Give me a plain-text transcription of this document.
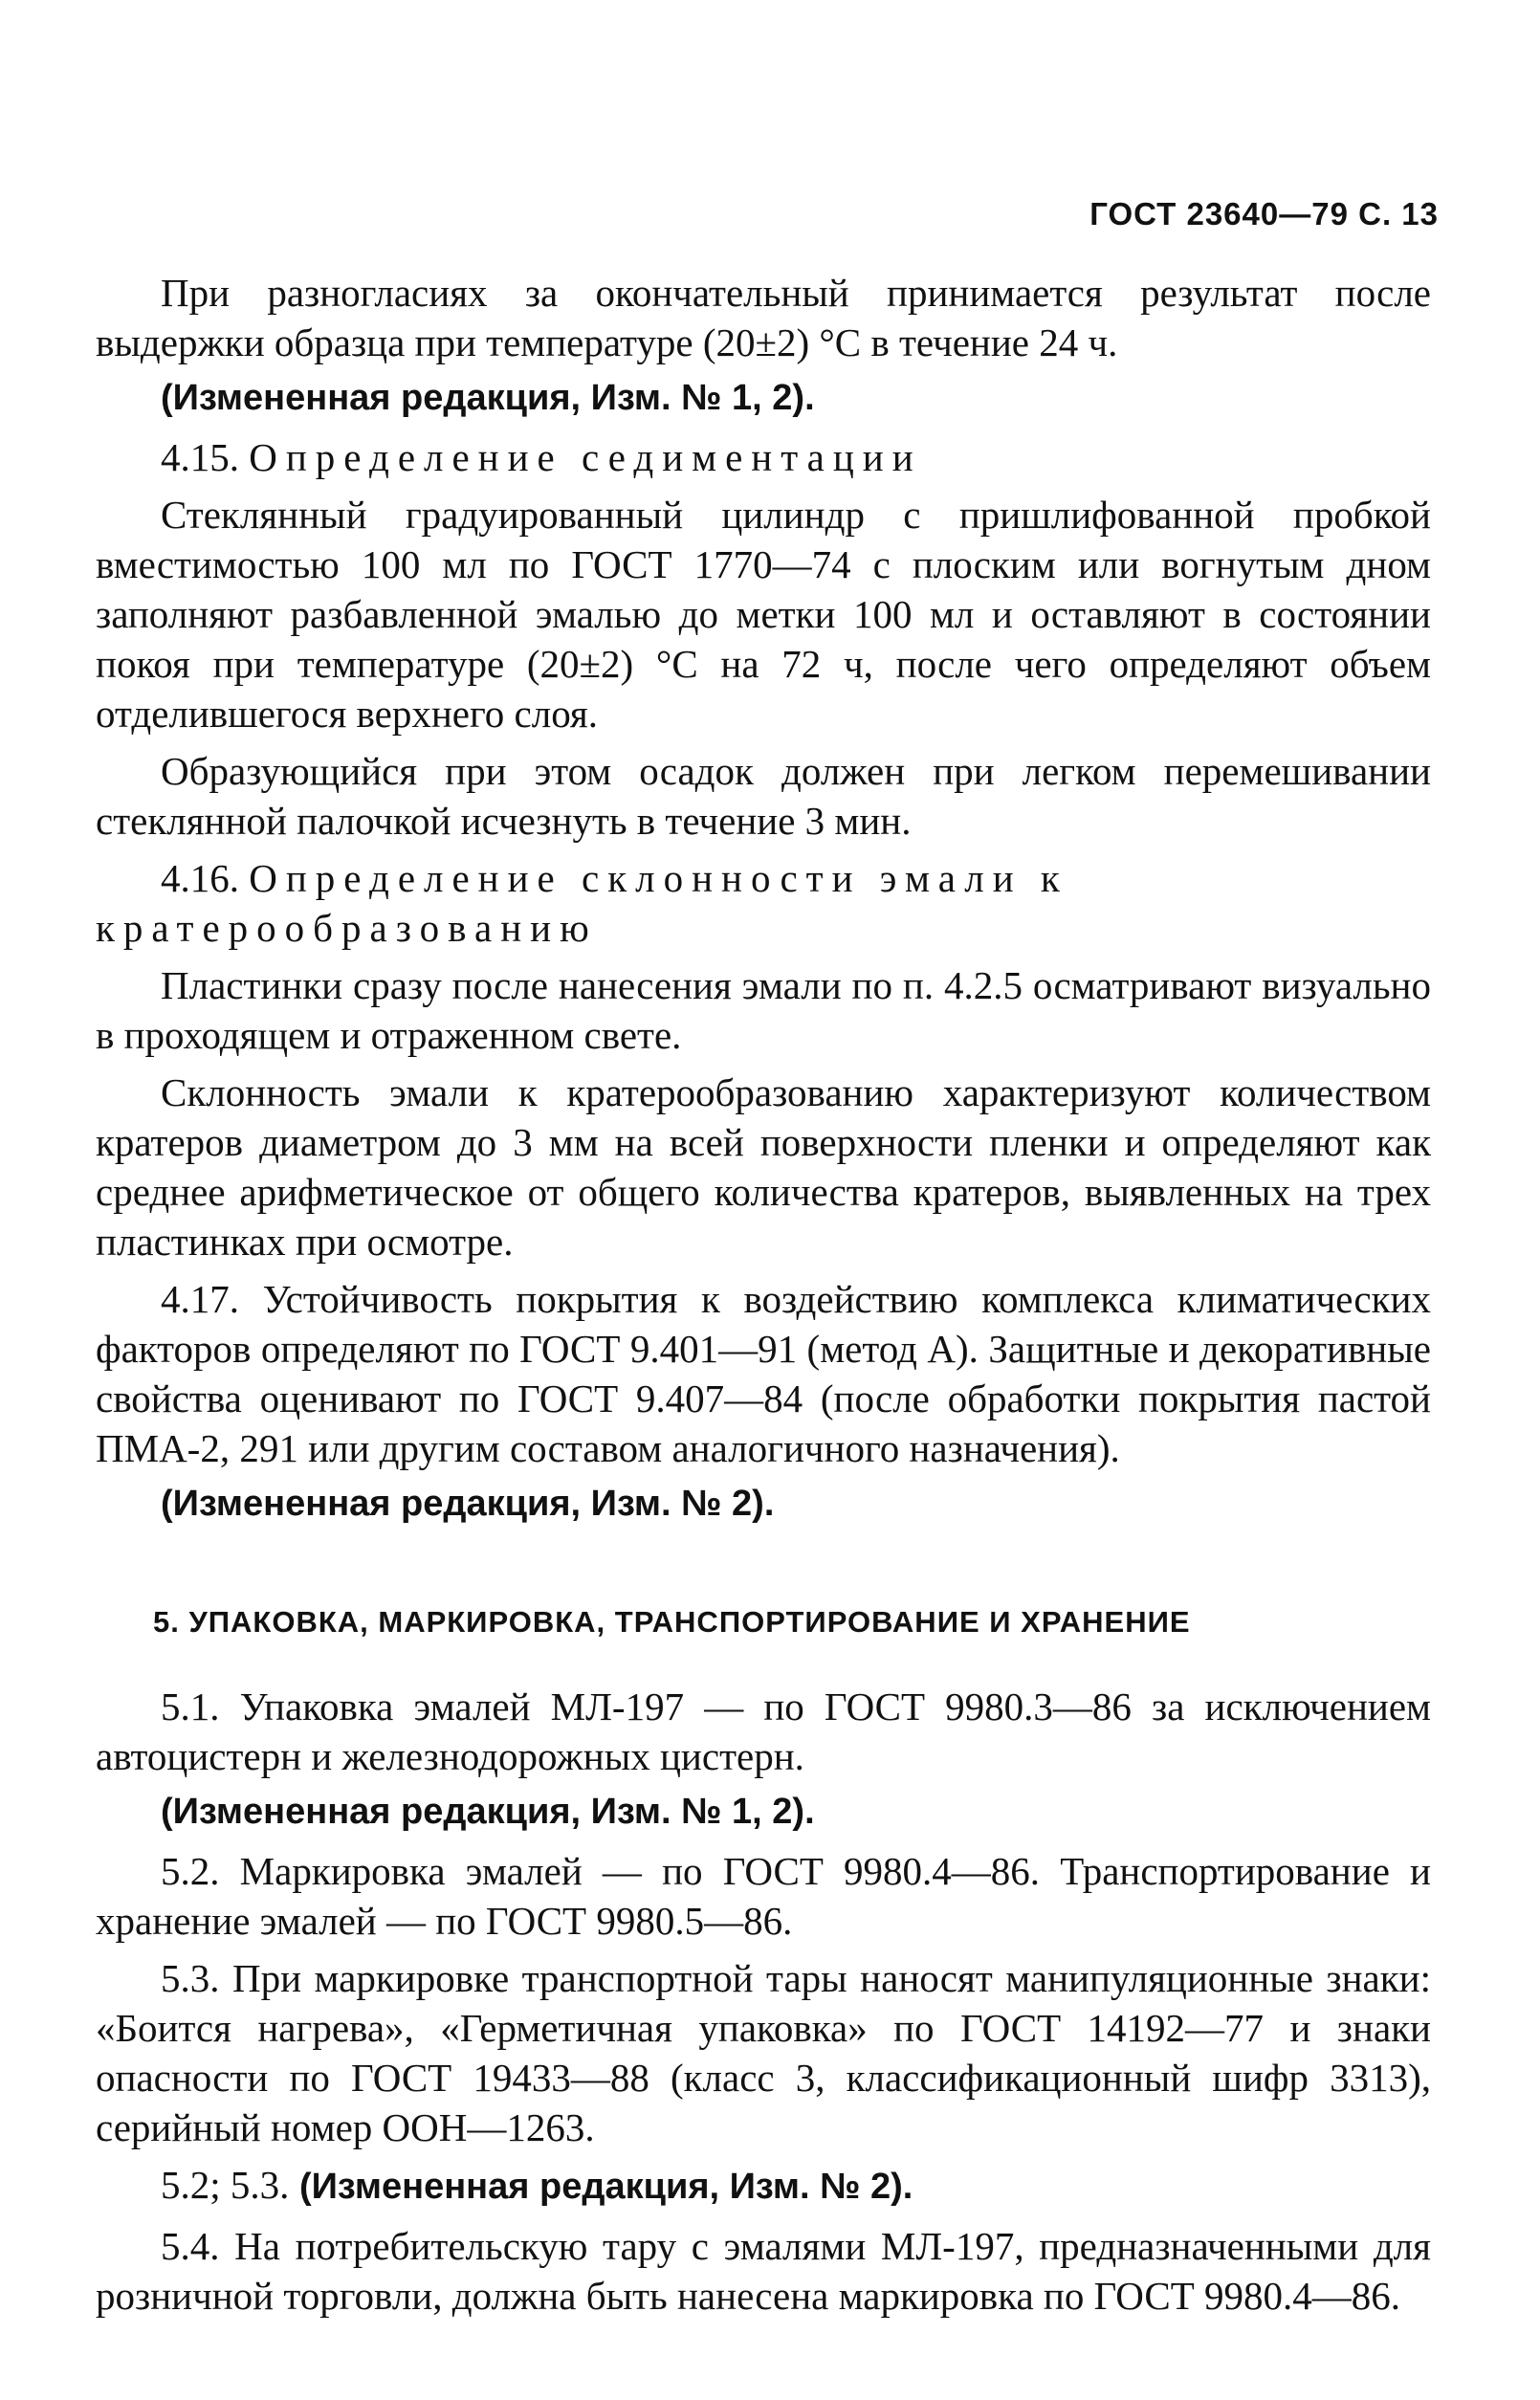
ГОСТ 23640—79 С. 13

При разногласиях за окончательный принимается результат после выдержки образца при температуре (20±2) °С в течение 24 ч.

(Измененная редакция, Изм. № 1, 2).

4.15. Определение седиментации

Стеклянный градуированный цилиндр с пришлифованной пробкой вместимостью 100 мл по ГОСТ 1770—74 с плоским или вогнутым дном заполняют разбавленной эмалью до метки 100 мл и оставляют в состоянии покоя при температуре (20±2) °С на 72 ч, после чего определяют объем отделившегося верхнего слоя.

Образующийся при этом осадок должен при легком перемешивании стеклянной палочкой исчезнуть в течение 3 мин.

4.16. Определение склонности эмали к кратерообразованию

Пластинки сразу после нанесения эмали по п. 4.2.5 осматривают визуально в проходящем и отраженном свете.

Склонность эмали к кратерообразованию характеризуют количеством кратеров диаметром до 3 мм на всей поверхности пленки и определяют как среднее арифметическое от общего количества кратеров, выявленных на трех пластинках при осмотре.

4.17. Устойчивость покрытия к воздействию комплекса климатических факторов определяют по ГОСТ 9.401—91 (метод А). Защитные и декоративные свойства оценивают по ГОСТ 9.407—84 (после обработки покрытия пастой ПМА-2, 291 или другим составом аналогичного назначения).

(Измененная редакция, Изм. № 2).

5. УПАКОВКА, МАРКИРОВКА, ТРАНСПОРТИРОВАНИЕ И ХРАНЕНИЕ

5.1. Упаковка эмалей МЛ-197 — по ГОСТ 9980.3—86 за исключением автоцистерн и железнодорожных цистерн.

(Измененная редакция, Изм. № 1, 2).

5.2. Маркировка эмалей — по ГОСТ 9980.4—86. Транспортирование и хранение эмалей — по ГОСТ 9980.5—86.

5.3. При маркировке транспортной тары наносят манипуляционные знаки: «Боится нагрева», «Герметичная упаковка» по ГОСТ 14192—77 и знаки опасности по ГОСТ 19433—88 (класс 3, классификационный шифр 3313), серийный номер ООН—1263.

5.2; 5.3. (Измененная редакция, Изм. № 2).

5.4. На потребительскую тару с эмалями МЛ-197, предназначенными для розничной торговли, должна быть нанесена маркировка по ГОСТ 9980.4—86.
